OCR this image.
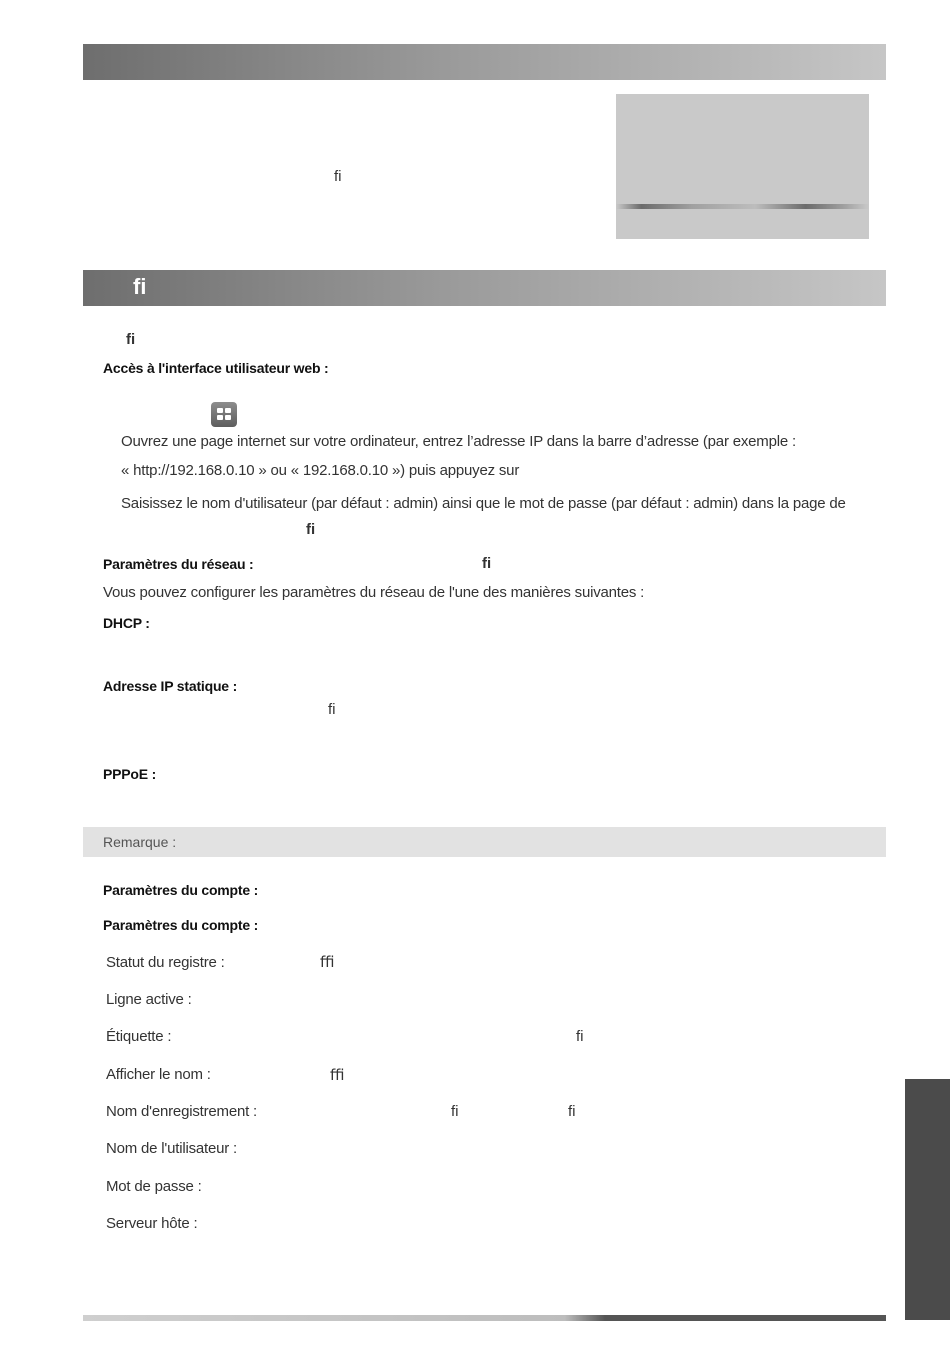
ﬁ
ﬁ
ﬁ
Accès à l'interface utilisateur web :
Ouvrez une page internet sur votre ordinateur, entrez l’adresse IP dans la barre d’adresse (par exemple :
« http://192.168.0.10 » ou « 192.168.0.10 ») puis appuyez sur
Saisissez le nom d'utilisateur (par défaut : admin) ainsi que le mot de passe (par défaut : admin) dans la page de
ﬁ
Paramètres du réseau :	ﬁ
Vous pouvez configurer les paramètres du réseau de l'une des manières suivantes :
DHCP :
Adresse IP statique :
ﬁ
PPPoE :
Remarque :
Paramètres du compte :
Paramètres du compte :
Statut du registre :	ﬃ
Ligne active :
Étiquette :	ﬁ
Afficher le nom :	ﬃ
Nom d'enregistrement :	ﬁ	ﬁ
Nom de l'utilisateur :
Mot de passe :
Serveur hôte :
